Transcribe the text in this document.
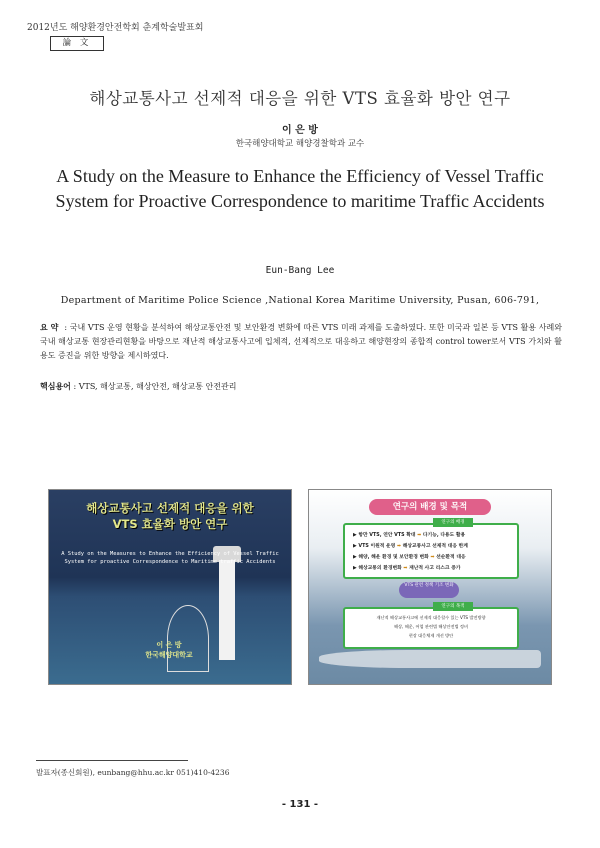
2012년도 해양환경안전학회 춘계학술발표회
論 文
해상교통사고 선제적 대응을 위한 VTS 효율화 방안 연구
이 은 방
한국해양대학교 해양경찰학과 교수
A Study on the Measure to Enhance the Efficiency of Vessel Traffic System for Proactive Correspondence to maritime Traffic Accidents
Eun-Bang Lee
Department of Maritime Police Science ,National Korea Maritime University, Pusan, 606-791,
요 약 : 국내 VTS 운영 현황을 분석하여 해상교통안전 및 보안환경 변화에 따른 VTS 미래 과제를 도출하였다. 또한 미국과 일본 등 VTS 활용 사례와 국내 해상교통 현장관리현황을 바탕으로 재난적 해상교통사고에 입체적, 선제적으로 대응하고 해양현장의 종합적 control tower로서 VTS 가치와 활용도 증진을 위한 방향을 제시하였다.
핵심용어 : VTS, 해상교통, 해상안전, 해상교통 안전관리
해상교통사고 선제적 대응을 위한
VTS 효율화 방안 연구
A Study on the Measures to Enhance the Efficiency of Vessel Traffic System for proactive Correspondence to Maritime traffic Accidents
이 은 방
한국해양대학교
연구의 배경 및 목적
연구의 배경
▶ 항만 VTS, 연안 VTS 확대 ➡ 다기능, 다용도 활용
▶ VTS 이원적 운영 ➡ 해상교통사고 선제적 대응 한계
▶ 해양, 해운 환경 및 보안환경 변화 ➡ 선순환적 대응
▶ 해상교통의 환경변화 ➡ 재난적 사고 리스크 증가
VTS 관련 정책 기조 변화
연구의 목적
재난적 해상교통사고에 선제적 대응할수 있는 VTS 발전방향
해상, 해운, 어업 관련법 해상안전법 정비
현장 대응체제 개선 방안
발표자(종신회원), eunbang@hhu.ac.kr 051)410-4236
- 131 -
